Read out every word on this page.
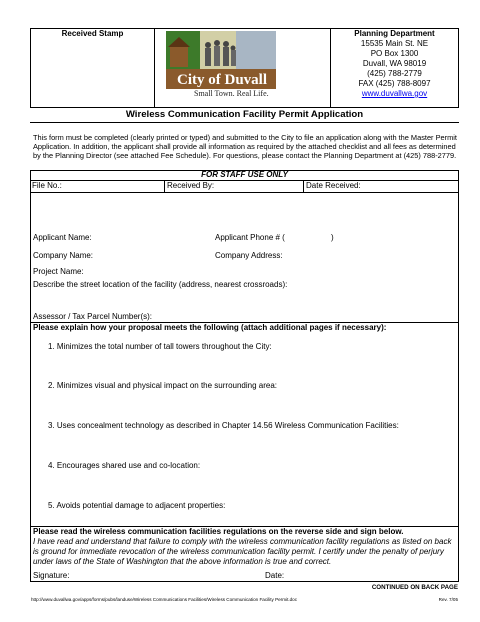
Received Stamp
City of Duvall
Small Town. Real Life.
Planning Department
15535 Main St. NE
PO Box 1300
Duvall, WA 98019
(425) 788-2779
FAX (425) 788-8097
www.duvallwa.gov
Wireless Communication Facility Permit Application
This form must be completed (clearly printed or typed) and submitted to the City to file an application along with the Master Permit Application. In addition, the applicant shall provide all information as required by the attached checklist and all fees as determined by the Planning Director (see attached Fee Schedule). For questions, please contact the Planning Department at (425) 788-2779.
FOR STAFF USE ONLY
File No.:	Received By:	Date Received:
Applicant Name:	Applicant Phone # (	)
Company Name:	Company Address:
Project Name:
Describe the street location of the facility (address, nearest crossroads):
Assessor / Tax Parcel Number(s):
Please explain how your proposal meets the following (attach additional pages if necessary):
1. Minimizes the total number of tall towers throughout the City:
2. Minimizes visual and physical impact on the surrounding area:
3. Uses concealment technology as described in Chapter 14.56 Wireless Communication Facilities:
4. Encourages shared use and co-location:
5. Avoids potential damage to adjacent properties:
Please read the wireless communication facilities regulations on the reverse side and sign below.
I have read and understand that failure to comply with the wireless communication facility regulations as listed on back is ground for immediate revocation of the wireless communication facility permit. I certify under the penalty of perjury under laws of the State of Washington that the above information is true and correct.
Signature:	Date:
CONTINUED ON BACK PAGE
http://www.duvallwa.gov/apps/forms/pubs/landuse/Wireless Communications Facilities/Wireless Communication Facility Permit.doc	Rev. 7/05
